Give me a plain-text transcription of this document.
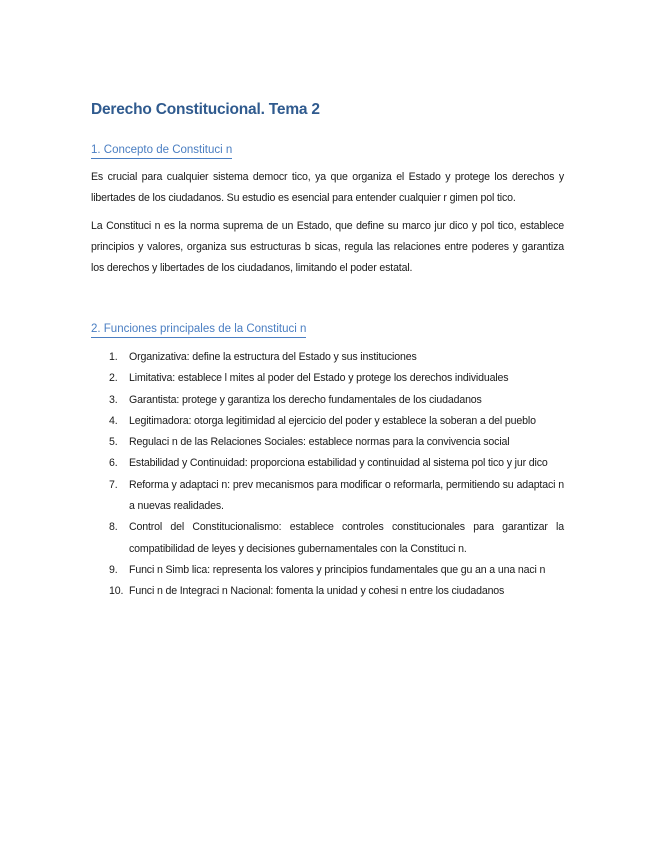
Derecho Constitucional. Tema 2
1. Concepto de Constituci n
Es crucial para cualquier sistema democr tico, ya que organiza el Estado y protege los derechos y libertades de los ciudadanos. Su estudio es esencial para entender cualquier r gimen pol tico.
La Constituci n es la norma suprema de un Estado, que define su marco jur dico y pol tico, establece principios y valores, organiza sus estructuras b sicas, regula las relaciones entre poderes y garantiza los derechos y libertades de los ciudadanos, limitando el poder estatal.
2. Funciones principales de la Constituci n
1.	Organizativa: define la estructura del Estado y sus instituciones
2.	Limitativa: establece l mites al poder del Estado y protege los derechos individuales
3.	Garantista: protege y garantiza los derecho fundamentales de los ciudadanos
4.	Legitimadora: otorga legitimidad al ejercicio del poder y establece la soberan a del pueblo
5.	Regulaci n de las Relaciones Sociales: establece normas para la convivencia social
6.	Estabilidad y Continuidad: proporciona estabilidad y continuidad al sistema pol tico y jur dico
7.	Reforma y adaptaci n: prev mecanismos para modificar o reformarla, permitiendo su adaptaci n a nuevas realidades.
8.	Control del Constitucionalismo: establece controles constitucionales para garantizar la compatibilidad de leyes y decisiones gubernamentales con la Constituci n.
9.	Funci n Simb lica: representa los valores y principios fundamentales que gu an a una naci n
10. Funci n de Integraci n Nacional: fomenta la unidad y cohesi n entre los ciudadanos
